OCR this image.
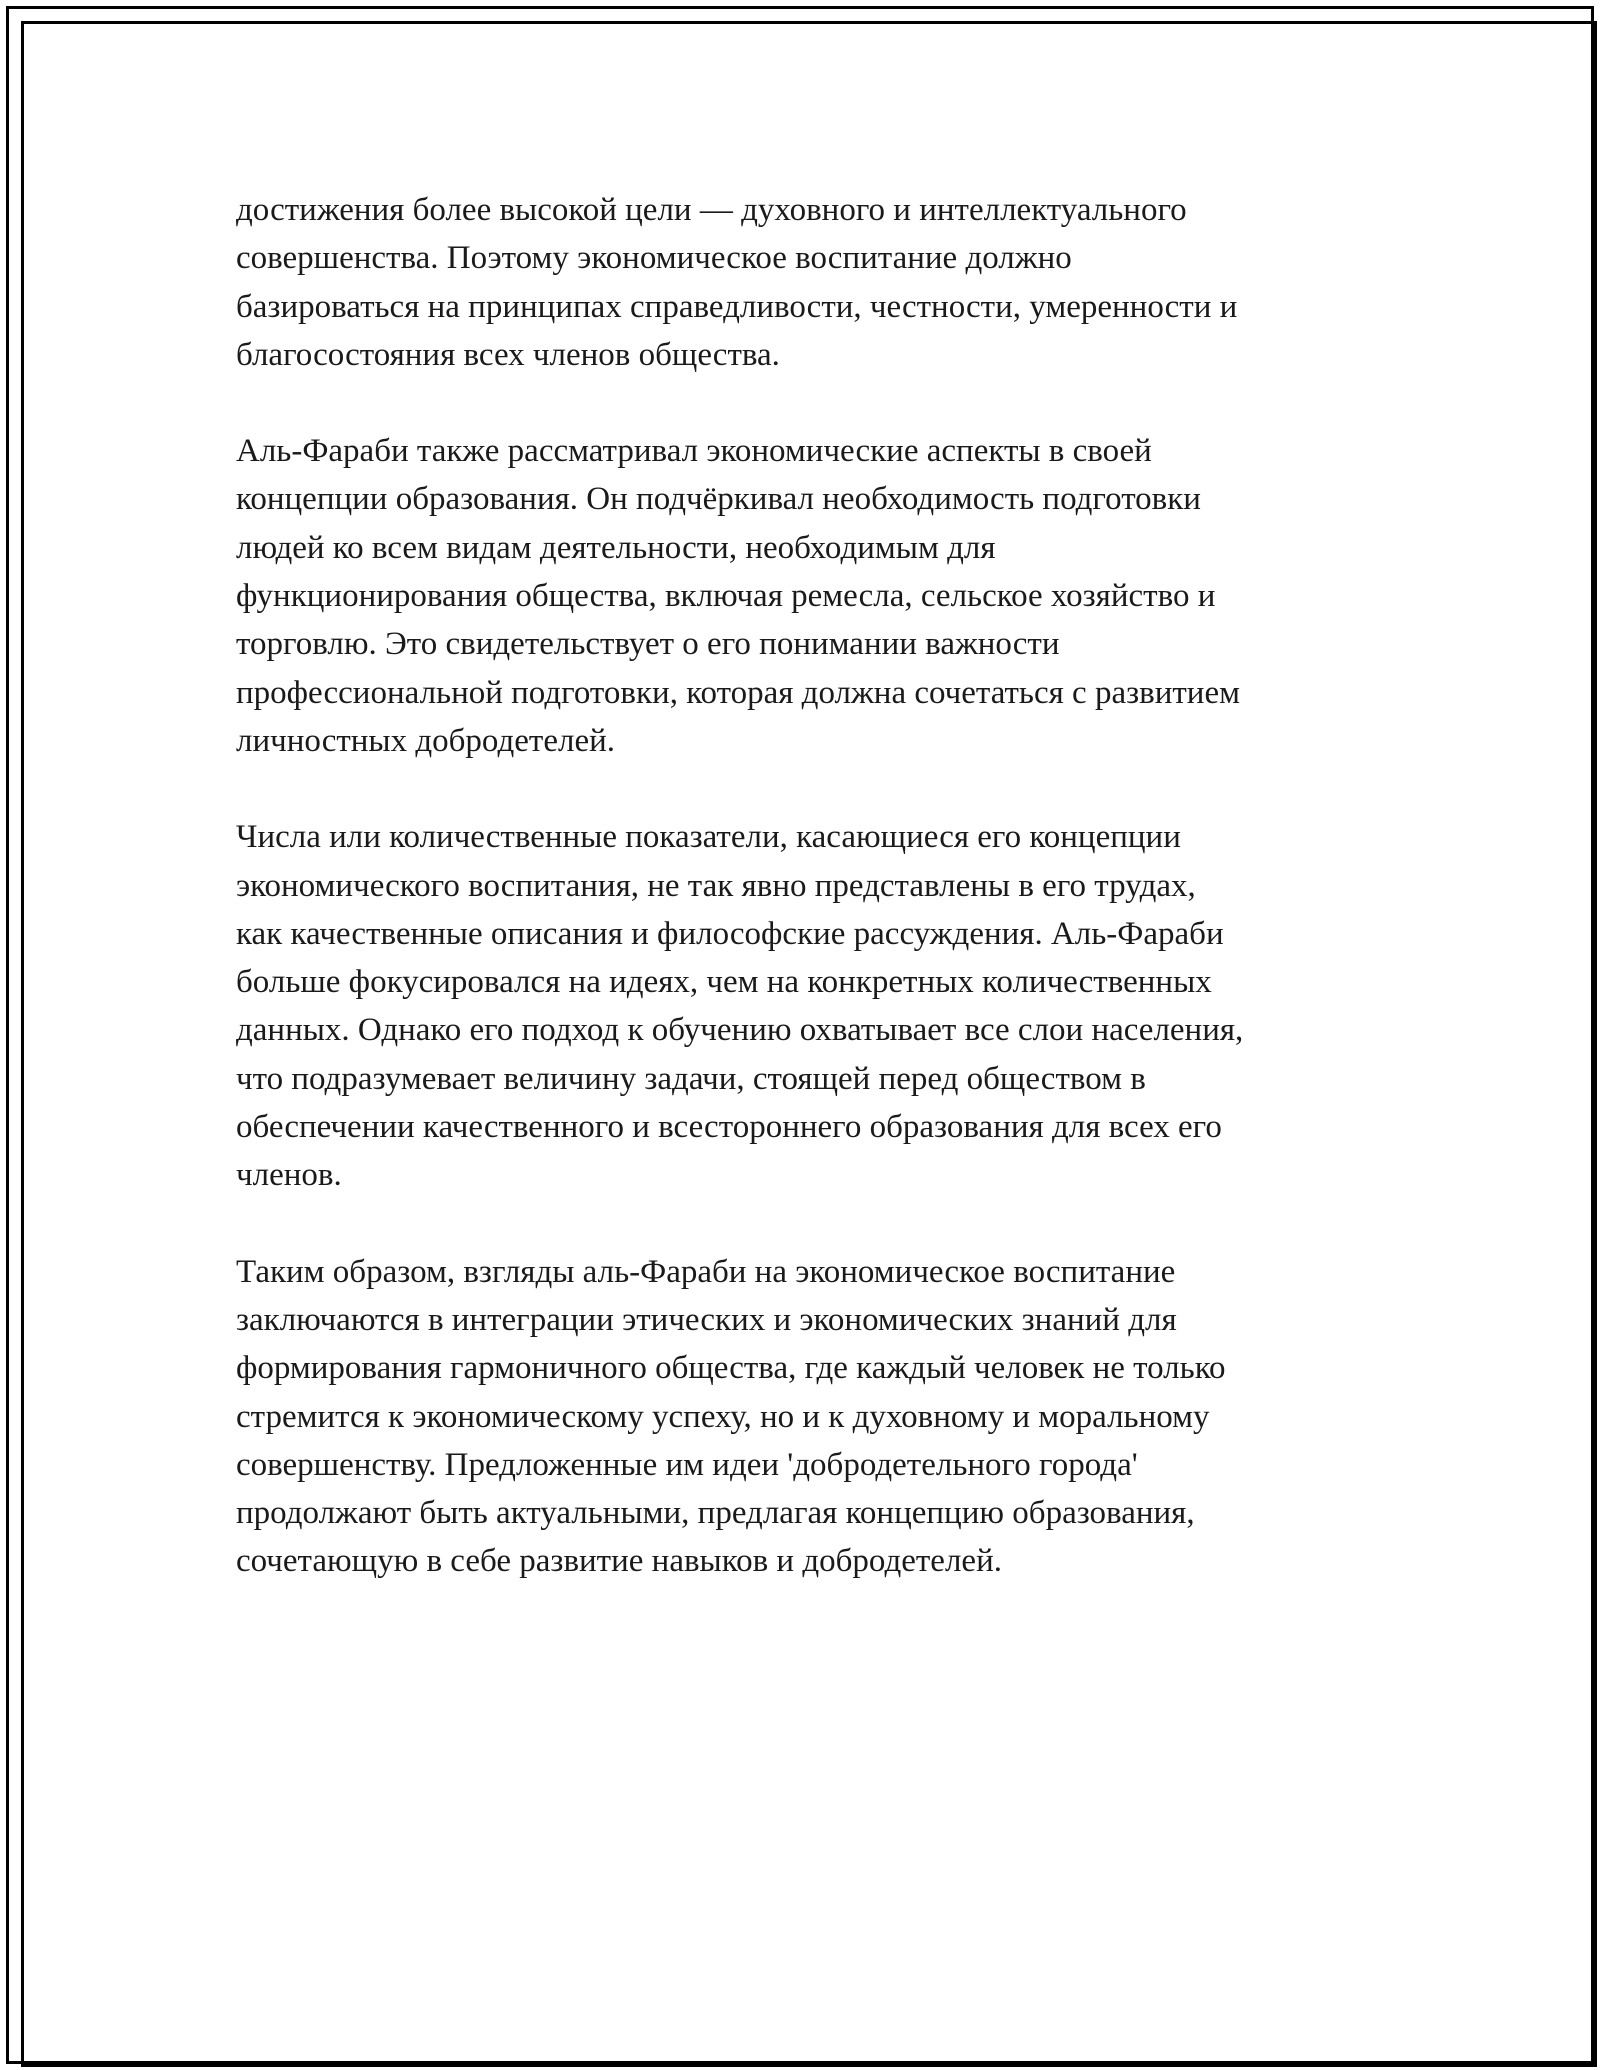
достижения более высокой цели — духовного и интеллектуального
совершенства. Поэтому экономическое воспитание должно
базироваться на принципах справедливости, честности, умеренности и
благосостояния всех членов общества.

Аль-Фараби также рассматривал экономические аспекты в своей
концепции образования. Он подчёркивал необходимость подготовки
людей ко всем видам деятельности, необходимым для
функционирования общества, включая ремесла, сельское хозяйство и
торговлю. Это свидетельствует о его понимании важности
профессиональной подготовки, которая должна сочетаться с развитием
личностных добродетелей.

Числа или количественные показатели, касающиеся его концепции
экономического воспитания, не так явно представлены в его трудах,
как качественные описания и философские рассуждения. Аль-Фараби
больше фокусировался на идеях, чем на конкретных количественных
данных. Однако его подход к обучению охватывает все слои населения,
что подразумевает величину задачи, стоящей перед обществом в
обеспечении качественного и всестороннего образования для всех его
членов.

Таким образом, взгляды аль-Фараби на экономическое воспитание
заключаются в интеграции этических и экономических знаний для
формирования гармоничного общества, где каждый человек не только
стремится к экономическому успеху, но и к духовному и моральному
совершенству. Предложенные им идеи 'добродетельного города'
продолжают быть актуальными, предлагая концепцию образования,
сочетающую в себе развитие навыков и добродетелей.
